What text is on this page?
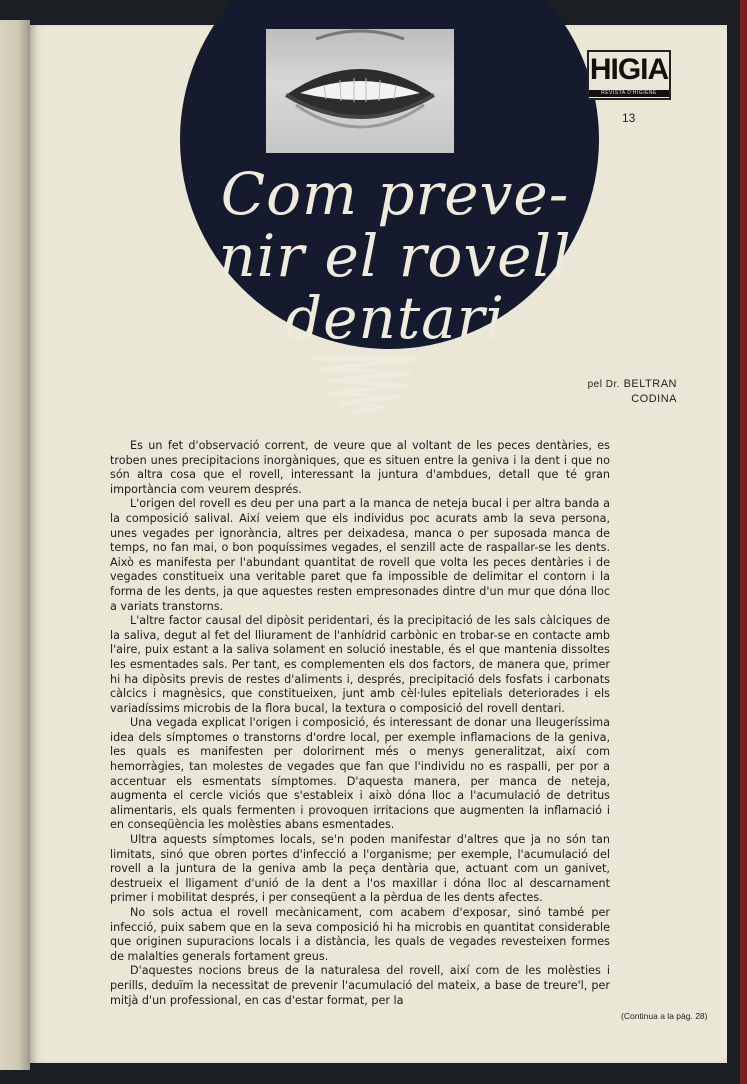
Com preve-
nir el rovell
dentari
HIGIA
REVISTA D'HIGIENE
13
pel Dr. BELTRAN
CODINA

Es un fet d'observació corrent, de veure que al voltant de les peces dentàries, es troben unes precipitacions inorgàniques, que es situen entre la geniva i la dent i que no són altra cosa que el rovell, interessant la juntura d'ambdues, detall que té gran importància com veurem després.

L'origen del rovell es deu per una part a la manca de neteja bucal i per altra banda a la composició salival. Així veiem que els individus poc acurats amb la seva persona, unes vegades per ignorància, altres per deixadesa, manca o per suposada manca de temps, no fan mai, o bon poquíssimes vegades, el senzill acte de raspallar-se les dents. Això es manifesta per l'abundant quantitat de rovell que volta les peces dentàries i de vegades constitueix una veritable paret que fa impossible de delimitar el contorn i la forma de les dents, ja que aquestes resten empresonades dintre d'un mur que dóna lloc a variats transtorns.

L'altre factor causal del dipòsit peridentari, és la precipitació de les sals càlciques de la saliva, degut al fet del lliurament de l'anhídrid carbònic en trobar-se en contacte amb l'aire, puix estant a la saliva solament en solució inestable, és el que mantenia dissoltes les esmentades sals. Per tant, es complementen els dos factors, de manera que, primer hi ha dipòsits previs de restes d'aliments i, després, precipitació dels fosfats i carbonats càlcics i magnèsics, que constitueixen, junt amb cèl·lules epitelials deteriorades i els variadíssims microbis de la flora bucal, la textura o composició del rovell dentari.

Una vegada explicat l'origen i composició, és interessant de donar una lleugeríssima idea dels símptomes o transtorns d'ordre local, per exemple inflamacions de la geniva, les quals es manifesten per dolorirnent més o menys generalitzat, així com hemorràgies, tan molestes de vegades que fan que l'individu no es raspalli, per por a accentuar els esmentats símptomes. D'aquesta manera, per manca de neteja, augmenta el cercle viciós que s'estableix i això dóna lloc a l'acumulació de detritus alimentaris, els quals fermenten i provoquen irritacions que augmenten la inflamació i en conseqüència les molèsties abans esmentades.

Ultra aquests símptomes locals, se'n poden manifestar d'altres que ja no són tan limitats, sinó que obren portes d'infecció a l'organisme; per exemple, l'acumulació del rovell a la juntura de la geniva amb la peça dentària que, actuant com un ganivet, destrueix el lligament d'unió de la dent a l'os maxillar i dóna lloc al descarnament primer i mobilitat després, i per conseqüent a la pèrdua de les dents afectes.

No sols actua el rovell mecànicament, com acabem d'exposar, sinó també per infecció, puix sabem que en la seva composició hi ha microbis en quantitat considerable que originen supuracions locals i a distància, les quals de vegades revesteixen formes de malalties generals fortament greus.

D'aquestes nocions breus de la naturalesa del rovell, així com de les molèsties i perills, deduïm la necessitat de prevenir l'acumulació del mateix, a base de treure'l, per mitjà d'un professional, en cas d'estar format, per la

(Continua a la pàg. 28)
